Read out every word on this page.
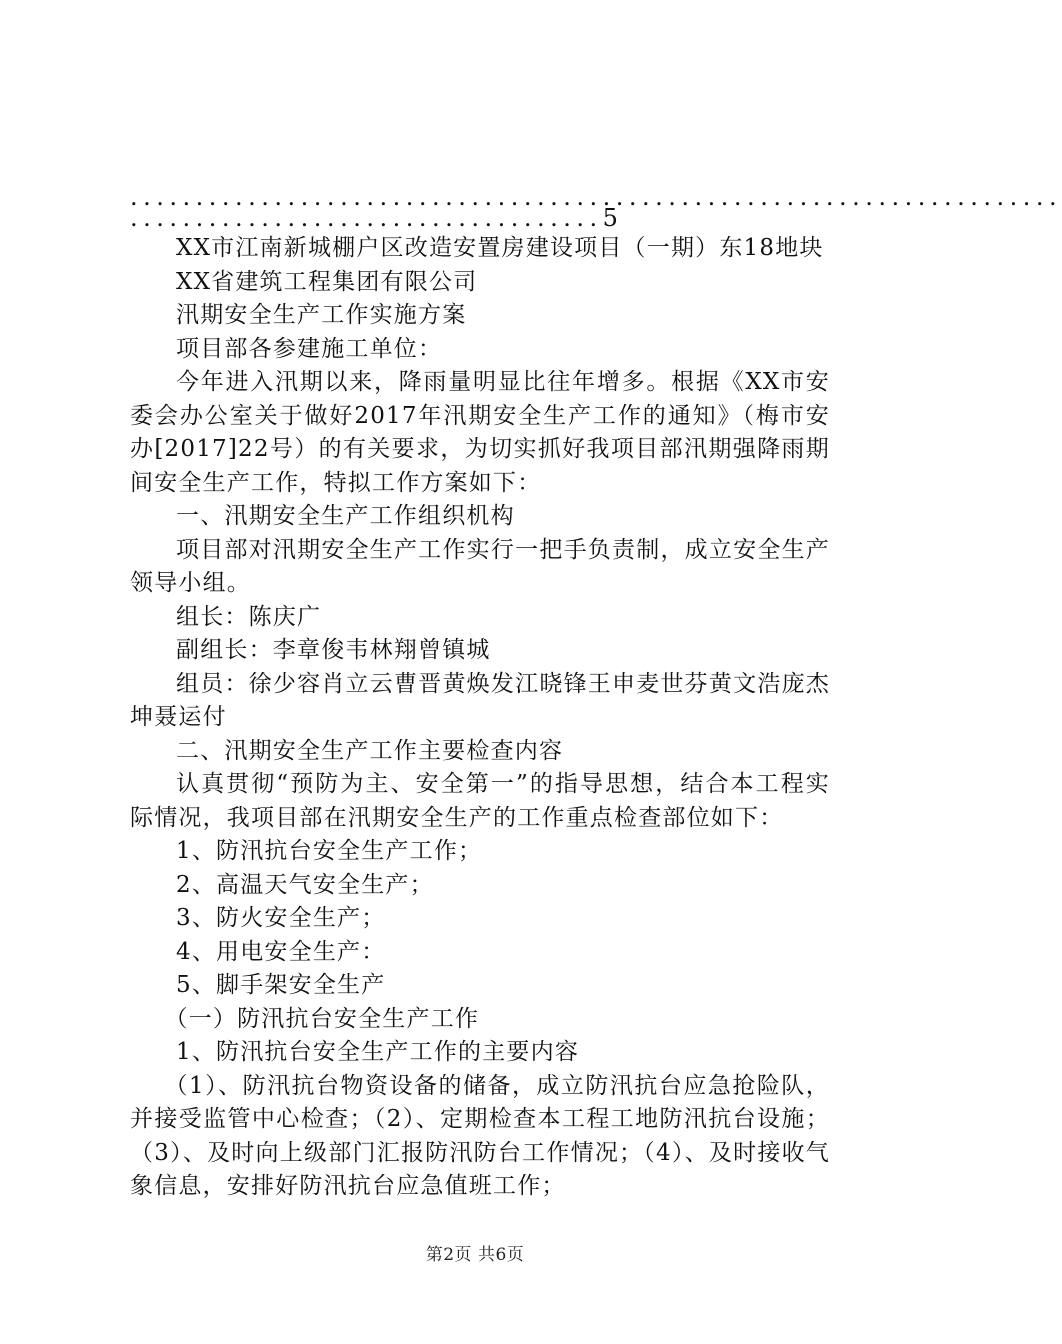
.......................................................................
....................................5

XX市江南新城棚户区改造安置房建设项目（一期）东18地块

XX省建筑工程集团有限公司

汛期安全生产工作实施方案

项目部各参建施工单位：

今年进入汛期以来，降雨量明显比往年增多。根据《XX市安委会办公室关于做好2017年汛期安全生产工作的通知》（梅市安办[2017]22号）的有关要求，为切实抓好我项目部汛期强降雨期间安全生产工作，特拟工作方案如下：

一、汛期安全生产工作组织机构

项目部对汛期安全生产工作实行一把手负责制，成立安全生产领导小组。

组长：陈庆广

副组长：李章俊韦林翔曾镇城

组员：徐少容肖立云曹晋黄焕发江晓锋王申麦世芬黄文浩庞杰坤聂运付

二、汛期安全生产工作主要检查内容

认真贯彻“预防为主、安全第一”的指导思想，结合本工程实际情况，我项目部在汛期安全生产的工作重点检查部位如下：

1、防汛抗台安全生产工作；

2、高温天气安全生产；

3、防火安全生产；

4、用电安全生产：

5、脚手架安全生产

（一）防汛抗台安全生产工作

1、防汛抗台安全生产工作的主要内容

（1）、防汛抗台物资设备的储备，成立防汛抗台应急抢险队，并接受监管中心检查；（2）、定期检查本工程工地防汛抗台设施；（3）、及时向上级部门汇报防汛防台工作情况；（4）、及时接收气象信息，安排好防汛抗台应急值班工作；

第2页 共6页
